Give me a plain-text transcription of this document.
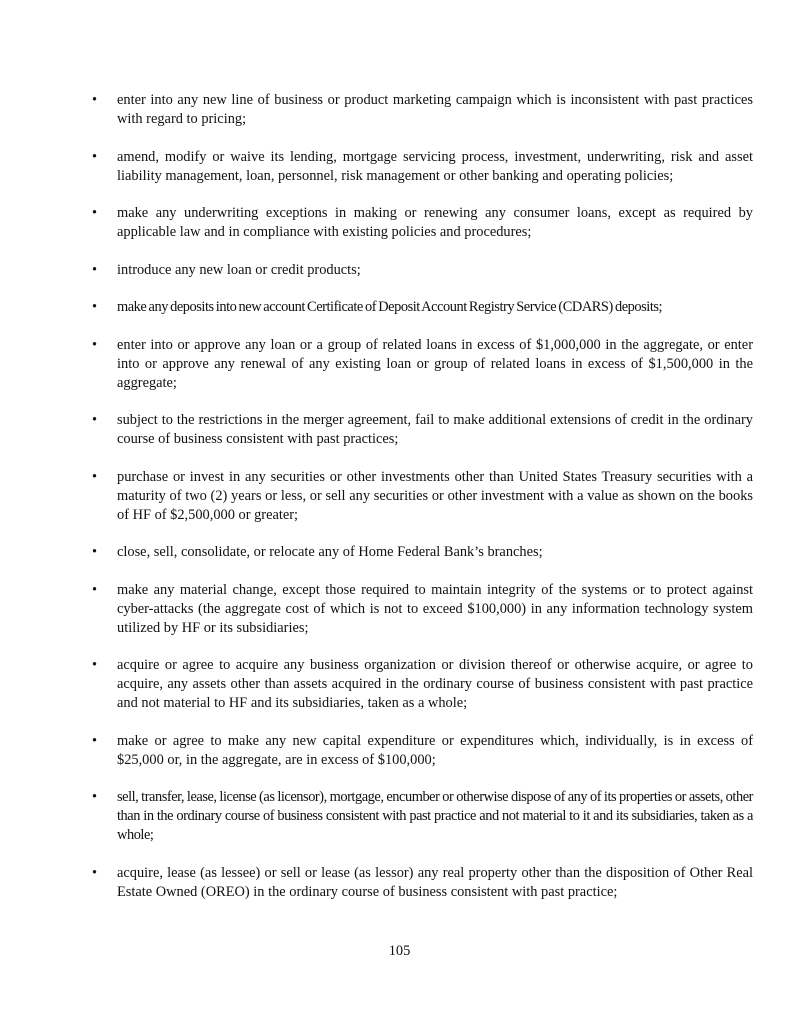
•	enter into any new line of business or product marketing campaign which is inconsistent with past practices with regard to pricing;
•	amend, modify or waive its lending, mortgage servicing process, investment, underwriting, risk and asset liability management, loan, personnel, risk management or other banking and operating policies;
•	make any underwriting exceptions in making or renewing any consumer loans, except as required by applicable law and in compliance with existing policies and procedures;
•	introduce any new loan or credit products;
•	make any deposits into new account Certificate of Deposit Account Registry Service (CDARS) deposits;
•	enter into or approve any loan or a group of related loans in excess of $1,000,000 in the aggregate, or enter into or approve any renewal of any existing loan or group of related loans in excess of $1,500,000 in the aggregate;
•	subject to the restrictions in the merger agreement, fail to make additional extensions of credit in the ordinary course of business consistent with past practices;
•	purchase or invest in any securities or other investments other than United States Treasury securities with a maturity of two (2) years or less, or sell any securities or other investment with a value as shown on the books of HF of $2,500,000 or greater;
•	close, sell, consolidate, or relocate any of Home Federal Bank’s branches;
•	make any material change, except those required to maintain integrity of the systems or to protect against cyber-attacks (the aggregate cost of which is not to exceed $100,000) in any information technology system utilized by HF or its subsidiaries;
•	acquire or agree to acquire any business organization or division thereof or otherwise acquire, or agree to acquire, any assets other than assets acquired in the ordinary course of business consistent with past practice and not material to HF and its subsidiaries, taken as a whole;
•	make or agree to make any new capital expenditure or expenditures which, individually, is in excess of $25,000 or, in the aggregate, are in excess of $100,000;
•	sell, transfer, lease, license (as licensor), mortgage, encumber or otherwise dispose of any of its properties or assets, other than in the ordinary course of business consistent with past practice and not material to it and its subsidiaries, taken as a whole;
•	acquire, lease (as lessee) or sell or lease (as lessor) any real property other than the disposition of Other Real Estate Owned (OREO) in the ordinary course of business consistent with past practice;
105
